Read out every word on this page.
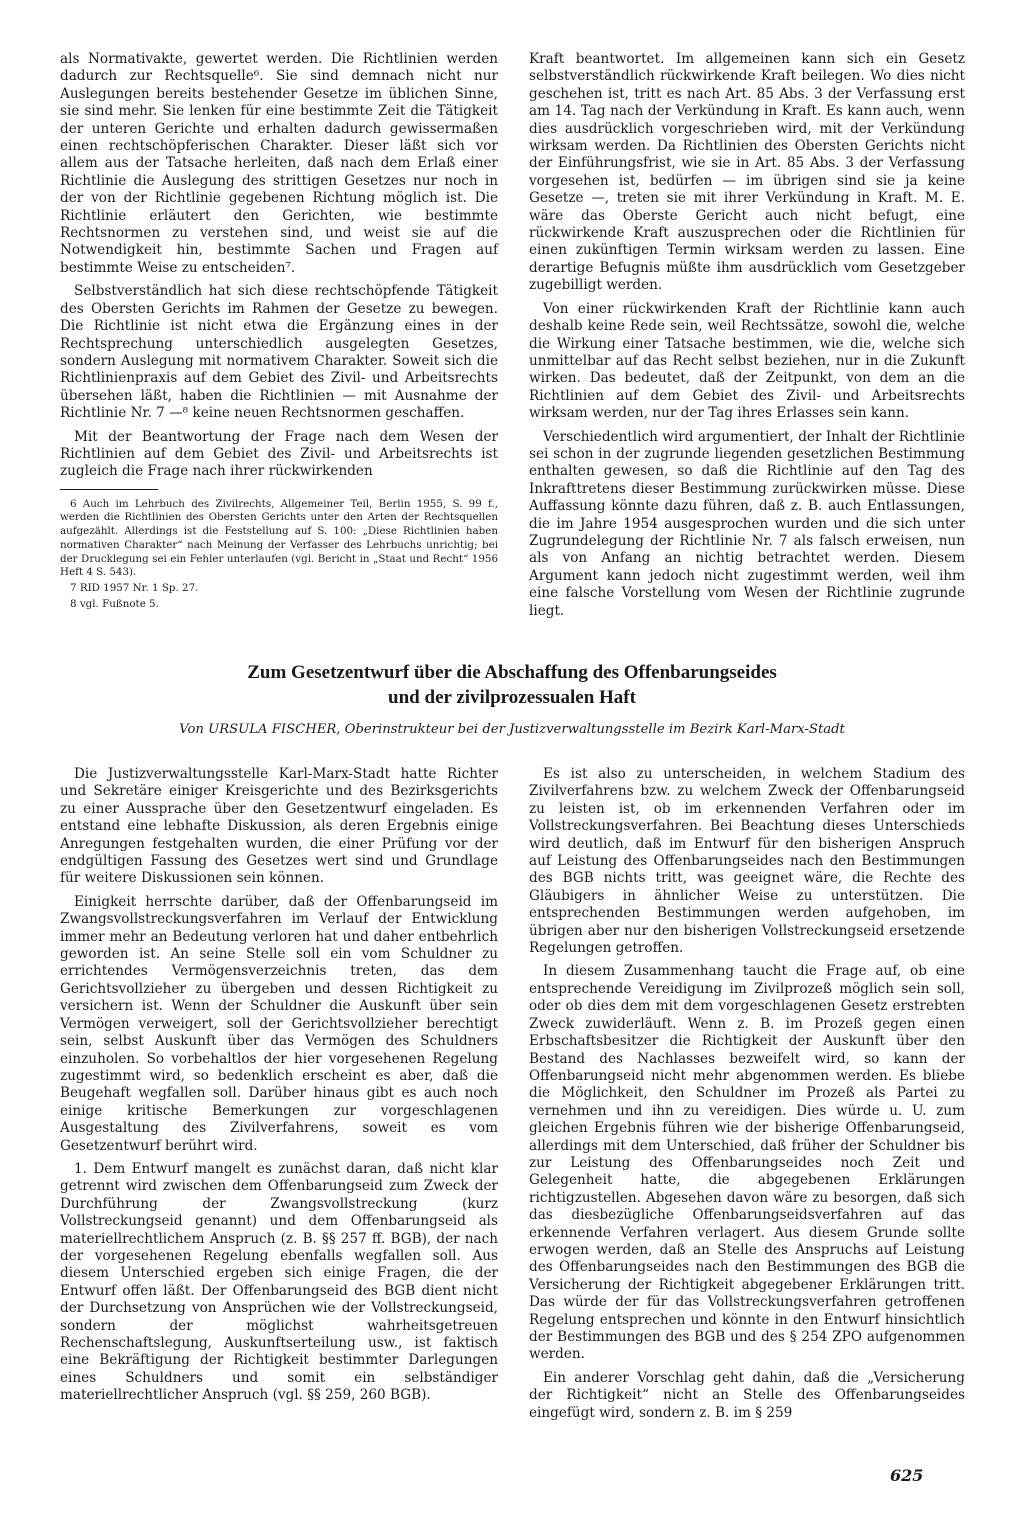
als Normativakte, gewertet werden. Die Richtlinien werden dadurch zur Rechtsquelle⁶. Sie sind demnach nicht nur Auslegungen bereits bestehender Gesetze im üblichen Sinne, sie sind mehr. Sie lenken für eine bestimmte Zeit die Tätigkeit der unteren Gerichte und erhalten dadurch gewissermaßen einen rechtschöpferischen Charakter. Dieser läßt sich vor allem aus der Tatsache herleiten, daß nach dem Erlaß einer Richtlinie die Auslegung des strittigen Gesetzes nur noch in der von der Richtlinie gegebenen Richtung möglich ist. Die Richtlinie erläutert den Gerichten, wie bestimmte Rechtsnormen zu verstehen sind, und weist sie auf die Notwendigkeit hin, bestimmte Sachen und Fragen auf bestimmte Weise zu entscheiden⁷.

Selbstverständlich hat sich diese rechtschöpfende Tätigkeit des Obersten Gerichts im Rahmen der Gesetze zu bewegen. Die Richtlinie ist nicht etwa die Ergänzung eines in der Rechtsprechung unterschiedlich ausgelegten Gesetzes, sondern Auslegung mit normativem Charakter. Soweit sich die Richtlinienpraxis auf dem Gebiet des Zivil- und Arbeitsrechts übersehen läßt, haben die Richtlinien — mit Ausnahme der Richtlinie Nr. 7 —⁸ keine neuen Rechtsnormen geschaffen.

Mit der Beantwortung der Frage nach dem Wesen der Richtlinien auf dem Gebiet des Zivil- und Arbeitsrechts ist zugleich die Frage nach ihrer rückwirkenden

6 Auch im Lehrbuch des Zivilrechts, Allgemeiner Teil, Berlin 1955, S. 99 f., werden die Richtlinien des Obersten Gerichts unter den Arten der Rechtsquellen aufgezählt. Allerdings ist die Feststellung auf S. 100: „Diese Richtlinien haben normativen Charakter“ nach Meinung der Verfasser des Lehrbuchs unrichtig; bei der Drucklegung sei ein Fehler unterlaufen (vgl. Bericht in „Staat und Recht“ 1956 Heft 4 S. 543).

7 RID 1957 Nr. 1 Sp. 27.

8 vgl. Fußnote 5.

Kraft beantwortet. Im allgemeinen kann sich ein Gesetz selbstverständlich rückwirkende Kraft beilegen. Wo dies nicht geschehen ist, tritt es nach Art. 85 Abs. 3 der Verfassung erst am 14. Tag nach der Verkündung in Kraft. Es kann auch, wenn dies ausdrücklich vorgeschrieben wird, mit der Verkündung wirksam werden. Da Richtlinien des Obersten Gerichts nicht der Einführungsfrist, wie sie in Art. 85 Abs. 3 der Verfassung vorgesehen ist, bedürfen — im übrigen sind sie ja keine Gesetze —, treten sie mit ihrer Verkündung in Kraft. M. E. wäre das Oberste Gericht auch nicht befugt, eine rückwirkende Kraft auszusprechen oder die Richtlinien für einen zukünftigen Termin wirksam werden zu lassen. Eine derartige Befugnis müßte ihm ausdrücklich vom Gesetzgeber zugebilligt werden.

Von einer rückwirkenden Kraft der Richtlinie kann auch deshalb keine Rede sein, weil Rechtssätze, sowohl die, welche die Wirkung einer Tatsache bestimmen, wie die, welche sich unmittelbar auf das Recht selbst beziehen, nur in die Zukunft wirken. Das bedeutet, daß der Zeitpunkt, von dem an die Richtlinien auf dem Gebiet des Zivil- und Arbeitsrechts wirksam werden, nur der Tag ihres Erlasses sein kann.

Verschiedentlich wird argumentiert, der Inhalt der Richtlinie sei schon in der zugrunde liegenden gesetzlichen Bestimmung enthalten gewesen, so daß die Richtlinie auf den Tag des Inkrafttretens dieser Bestimmung zurückwirken müsse. Diese Auffassung könnte dazu führen, daß z. B. auch Entlassungen, die im Jahre 1954 ausgesprochen wurden und die sich unter Zugrundelegung der Richtlinie Nr. 7 als falsch erweisen, nun als von Anfang an nichtig betrachtet werden. Diesem Argument kann jedoch nicht zugestimmt werden, weil ihm eine falsche Vorstellung vom Wesen der Richtlinie zugrunde liegt.

Zum Gesetzentwurf über die Abschaffung des Offenbarungseides
und der zivilprozessualen Haft
Von URSULA FISCHER, Oberinstrukteur bei der Justizverwaltungsstelle im Bezirk Karl-Marx-Stadt

Die Justizverwaltungsstelle Karl-Marx-Stadt hatte Richter und Sekretäre einiger Kreisgerichte und des Bezirksgerichts zu einer Aussprache über den Gesetzentwurf eingeladen. Es entstand eine lebhafte Diskussion, als deren Ergebnis einige Anregungen festgehalten wurden, die einer Prüfung vor der endgültigen Fassung des Gesetzes wert sind und Grundlage für weitere Diskussionen sein können.

Einigkeit herrschte darüber, daß der Offenbarungseid im Zwangsvollstreckungsverfahren im Verlauf der Entwicklung immer mehr an Bedeutung verloren hat und daher entbehrlich geworden ist. An seine Stelle soll ein vom Schuldner zu errichtendes Vermögensverzeichnis treten, das dem Gerichtsvollzieher zu übergeben und dessen Richtigkeit zu versichern ist. Wenn der Schuldner die Auskunft über sein Vermögen verweigert, soll der Gerichtsvollzieher berechtigt sein, selbst Auskunft über das Vermögen des Schuldners einzuholen. So vorbehaltlos der hier vorgesehenen Regelung zugestimmt wird, so bedenklich erscheint es aber, daß die Beugehaft wegfallen soll. Darüber hinaus gibt es auch noch einige kritische Bemerkungen zur vorgeschlagenen Ausgestaltung des Zivilverfahrens, soweit es vom Gesetzentwurf berührt wird.

1. Dem Entwurf mangelt es zunächst daran, daß nicht klar getrennt wird zwischen dem Offenbarungseid zum Zweck der Durchführung der Zwangsvollstreckung (kurz Vollstreckungseid genannt) und dem Offenbarungseid als materiellrechtlichem Anspruch (z. B. §§ 257 ff. BGB), der nach der vorgesehenen Regelung ebenfalls wegfallen soll. Aus diesem Unterschied ergeben sich einige Fragen, die der Entwurf offen läßt. Der Offenbarungseid des BGB dient nicht der Durchsetzung von Ansprüchen wie der Vollstreckungseid, sondern der möglichst wahrheitsgetreuen Rechenschaftslegung, Auskunftserteilung usw., ist faktisch eine Bekräftigung der Richtigkeit bestimmter Darlegungen eines Schuldners und somit ein selbständiger materiellrechtlicher Anspruch (vgl. §§ 259, 260 BGB).

Es ist also zu unterscheiden, in welchem Stadium des Zivilverfahrens bzw. zu welchem Zweck der Offenbarungseid zu leisten ist, ob im erkennenden Verfahren oder im Vollstreckungsverfahren. Bei Beachtung dieses Unterschieds wird deutlich, daß im Entwurf für den bisherigen Anspruch auf Leistung des Offenbarungseides nach den Bestimmungen des BGB nichts tritt, was geeignet wäre, die Rechte des Gläubigers in ähnlicher Weise zu unterstützen. Die entsprechenden Bestimmungen werden aufgehoben, im übrigen aber nur den bisherigen Vollstreckungseid ersetzende Regelungen getroffen.

In diesem Zusammenhang taucht die Frage auf, ob eine entsprechende Vereidigung im Zivilprozeß möglich sein soll, oder ob dies dem mit dem vorgeschlagenen Gesetz erstrebten Zweck zuwiderläuft. Wenn z. B. im Prozeß gegen einen Erbschaftsbesitzer die Richtigkeit der Auskunft über den Bestand des Nachlasses bezweifelt wird, so kann der Offenbarungseid nicht mehr abgenommen werden. Es bliebe die Möglichkeit, den Schuldner im Prozeß als Partei zu vernehmen und ihn zu vereidigen. Dies würde u. U. zum gleichen Ergebnis führen wie der bisherige Offenbarungseid, allerdings mit dem Unterschied, daß früher der Schuldner bis zur Leistung des Offenbarungseides noch Zeit und Gelegenheit hatte, die abgegebenen Erklärungen richtigzustellen. Abgesehen davon wäre zu besorgen, daß sich das diesbezügliche Offenbarungseidsverfahren auf das erkennende Verfahren verlagert. Aus diesem Grunde sollte erwogen werden, daß an Stelle des Anspruchs auf Leistung des Offenbarungseides nach den Bestimmungen des BGB die Versicherung der Richtigkeit abgegebener Erklärungen tritt. Das würde der für das Vollstreckungsverfahren getroffenen Regelung entsprechen und könnte in den Entwurf hinsichtlich der Bestimmungen des BGB und des § 254 ZPO aufgenommen werden.

Ein anderer Vorschlag geht dahin, daß die „Versicherung der Richtigkeit“ nicht an Stelle des Offenbarungseides eingefügt wird, sondern z. B. im § 259

625
